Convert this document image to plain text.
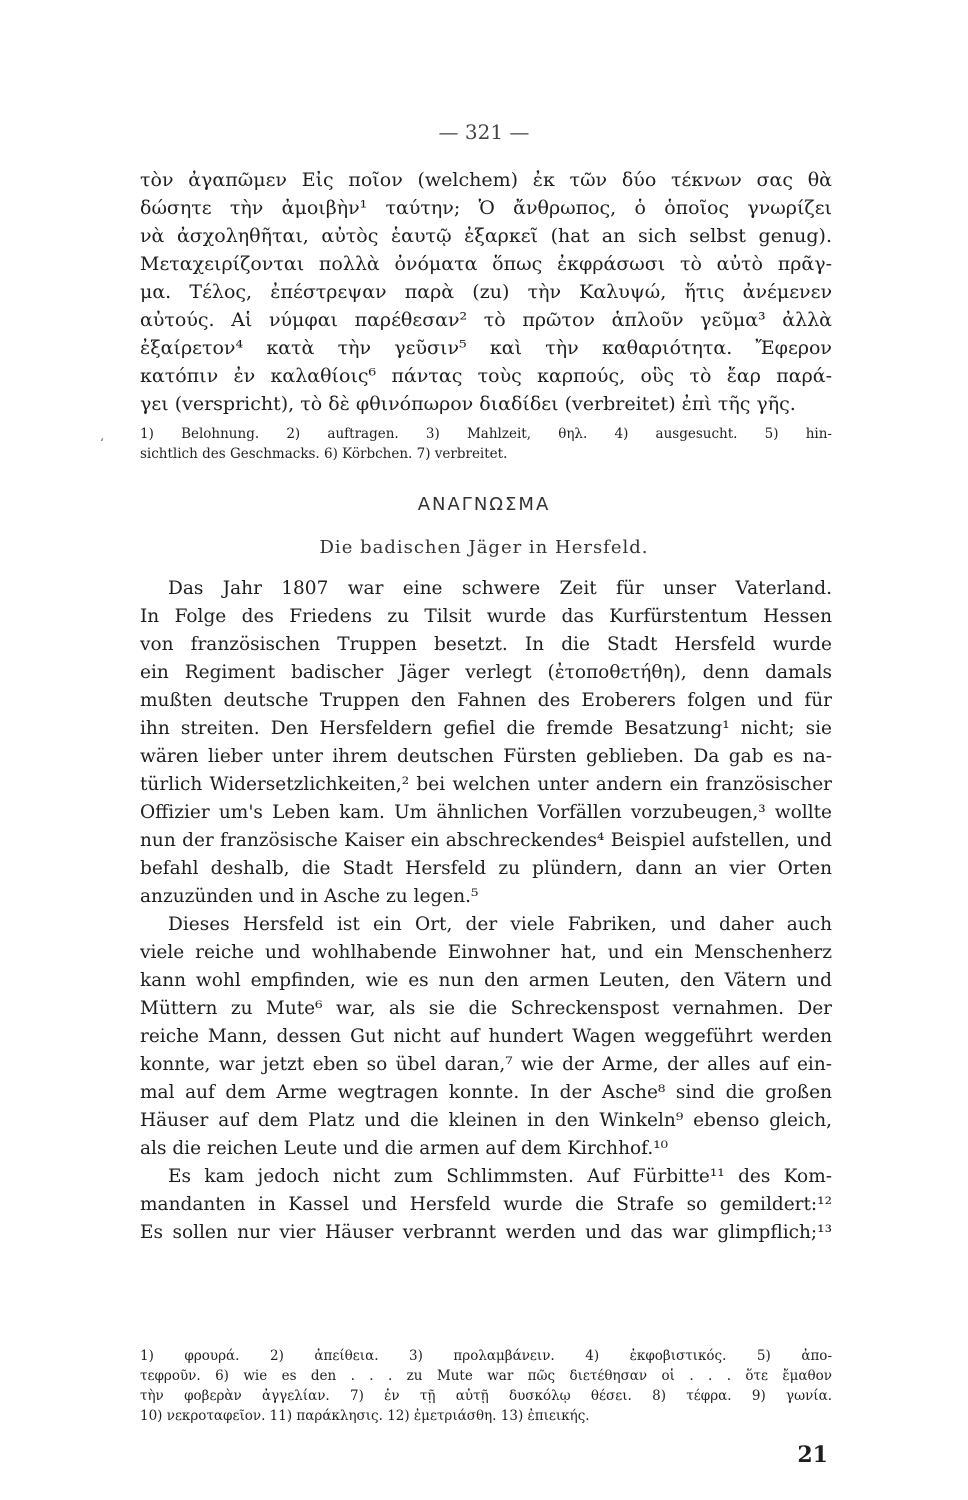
— 321 —
τὸν ἀγαπῶμεν Εἰς ποῖον (welchem) ἐκ τῶν δύο τέκνων σας θὰ
δώσητε τὴν ἀμοιβὴν¹ ταύτην; Ὁ ἄνθρωπος, ὁ ὁποῖος γνωρίζει
νὰ ἀσχοληθῆται, αὐτὸς ἑαυτῷ ἐξαρκεῖ (hat an sich selbst genug).
Μεταχειρίζονται πολλὰ ὀνόματα ὅπως ἐκφράσωσι τὸ αὐτὸ πρᾶγ-
μα. Τέλος, ἐπέστρεψαν παρὰ (zu) τὴν Καλυψώ, ἥτις ἀνέμενεν
αὐτούς. Αἱ νύμφαι παρέθεσαν² τὸ πρῶτον ἁπλοῦν γεῦμα³ ἀλλὰ
ἐξαίρετον⁴ κατὰ τὴν γεῦσιν⁵ καὶ τὴν καθαριότητα. Ἔφερον
κατόπιν ἐν καλαθίοις⁶ πάντας τοὺς καρπούς, οὓς τὸ ἔαρ παρά-
γει (verspricht), τὸ δὲ φθινόπωρον διαδίδει (verbreitet) ἐπὶ τῆς γῆς.
1) Belohnung. 2) auftragen. 3) Mahlzeit, θηλ. 4) ausgesucht. 5) hin-
sichtlich des Geschmacks. 6) Körbchen. 7) verbreitet.
‘
ΑΝΑΓΝΩΣΜΑ
Die badischen Jäger in Hersfeld.
Das Jahr 1807 war eine schwere Zeit für unser Vaterland.
In Folge des Friedens zu Tilsit wurde das Kurfürstentum Hessen
von französischen Truppen besetzt. In die Stadt Hersfeld wurde
ein Regiment badischer Jäger verlegt (ἐτοποθετήθη), denn damals
mußten deutsche Truppen den Fahnen des Eroberers folgen und für
ihn streiten. Den Hersfeldern gefiel die fremde Besatzung¹ nicht; sie
wären lieber unter ihrem deutschen Fürsten geblieben. Da gab es na-
türlich Widersetzlichkeiten,² bei welchen unter andern ein französischer
Offizier um's Leben kam. Um ähnlichen Vorfällen vorzubeugen,³ wollte
nun der französische Kaiser ein abschreckendes⁴ Beispiel aufstellen, und
befahl deshalb, die Stadt Hersfeld zu plündern, dann an vier Orten
anzuzünden und in Asche zu legen.⁵
Dieses Hersfeld ist ein Ort, der viele Fabriken, und daher auch
viele reiche und wohlhabende Einwohner hat, und ein Menschenherz
kann wohl empfinden, wie es nun den armen Leuten, den Vätern und
Müttern zu Mute⁶ war, als sie die Schreckenspost vernahmen. Der
reiche Mann, dessen Gut nicht auf hundert Wagen weggeführt werden
konnte, war jetzt eben so übel daran,⁷ wie der Arme, der alles auf ein-
mal auf dem Arme wegtragen konnte. In der Asche⁸ sind die großen
Häuser auf dem Platz und die kleinen in den Winkeln⁹ ebenso gleich,
als die reichen Leute und die armen auf dem Kirchhof.¹⁰
Es kam jedoch nicht zum Schlimmsten. Auf Fürbitte¹¹ des Kom-
mandanten in Kassel und Hersfeld wurde die Strafe so gemildert:¹²
Es sollen nur vier Häuser verbrannt werden und das war glimpflich;¹³
1) φρουρά. 2) ἀπείθεια. 3) προλαμβάνειν. 4) ἐκφοβιστικός. 5) ἀπο-
τεφροῦν. 6) wie es den . . . zu Mute war πῶς διετέθησαν οἱ . . . ὅτε ἔμαθον
τὴν φοβερὰν ἀγγελίαν. 7) ἐν τῇ αὐτῇ δυσκόλῳ θέσει. 8) τέφρα. 9) γωνία.
10) νεκροταφεῖον. 11) παράκλησις. 12) ἐμετριάσθη. 13) ἐπιεικής.
21
